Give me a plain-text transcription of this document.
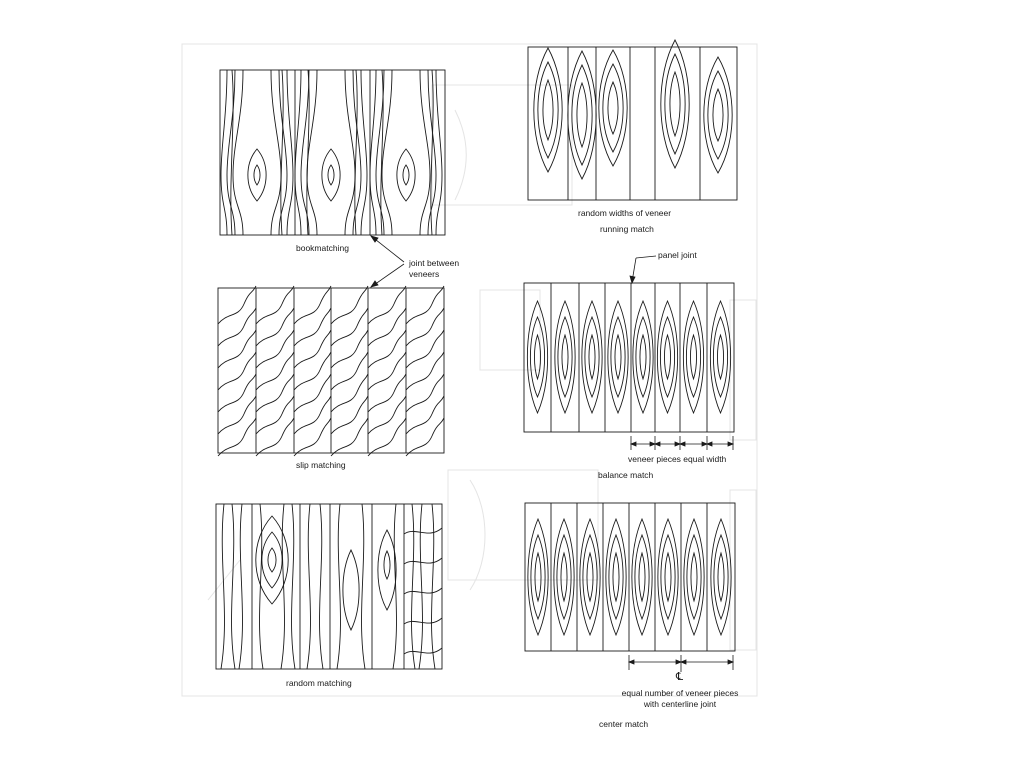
bookmatching
joint between
veneers
slip matching
random matching
random widths of veneer
running match
panel joint
veneer pieces equal width
balance match
℄
equal number of veneer pieces
with centerline joint
center match
